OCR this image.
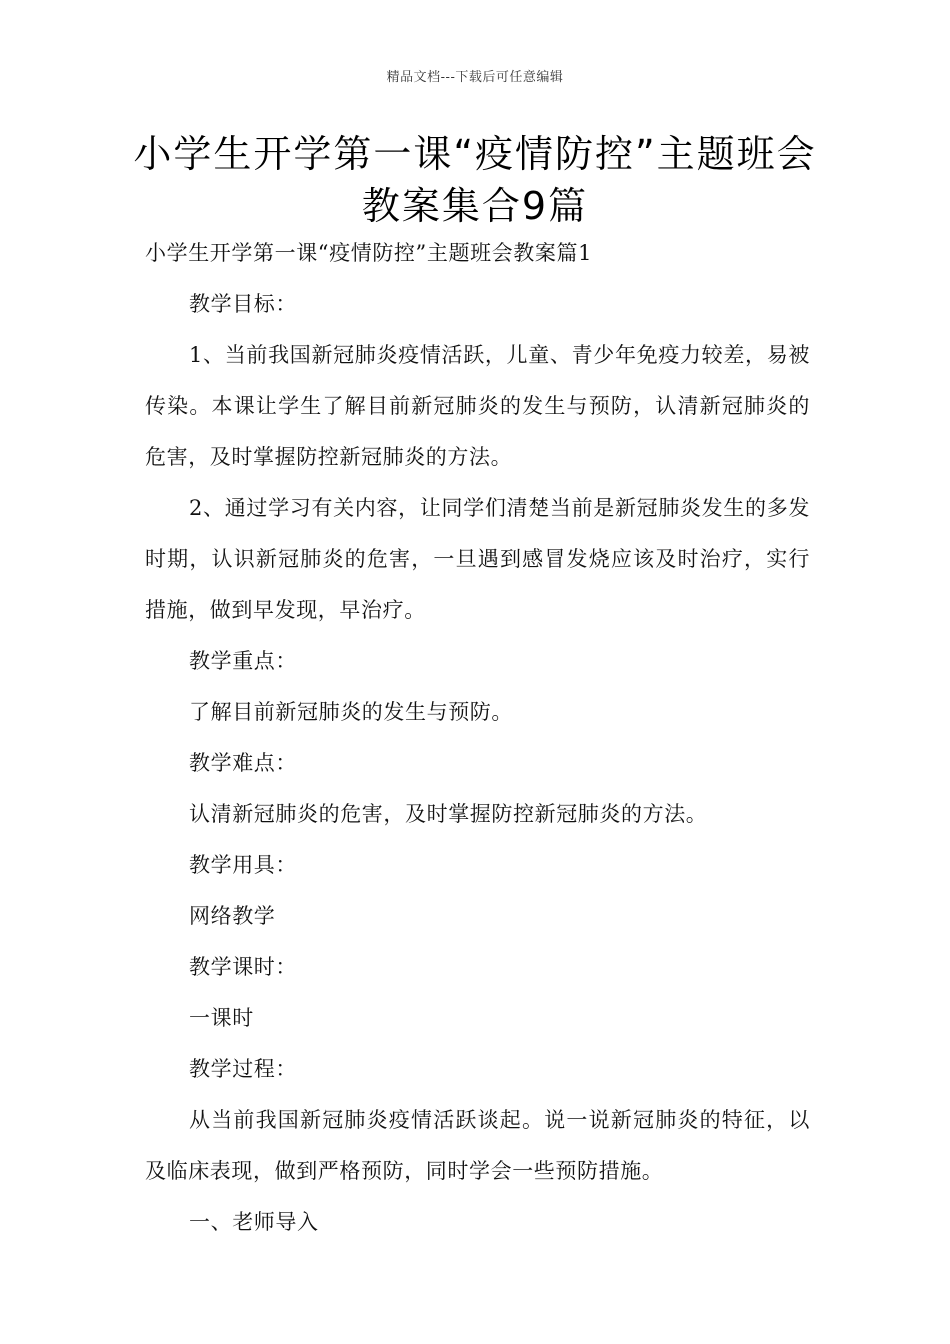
精品文档---下载后可任意编辑
小学生开学第一课“疫情防控”主题班会教案集合9篇

小学生开学第一课“疫情防控”主题班会教案篇1

教学目标：

1、当前我国新冠肺炎疫情活跃，儿童、青少年免疫力较差，易被传染。本课让学生了解目前新冠肺炎的发生与预防，认清新冠肺炎的危害，及时掌握防控新冠肺炎的方法。

2、通过学习有关内容，让同学们清楚当前是新冠肺炎发生的多发时期，认识新冠肺炎的危害，一旦遇到感冒发烧应该及时治疗，实行措施，做到早发现，早治疗。

教学重点：

了解目前新冠肺炎的发生与预防。

教学难点：

认清新冠肺炎的危害，及时掌握防控新冠肺炎的方法。

教学用具：

网络教学

教学课时：

一课时

教学过程：

从当前我国新冠肺炎疫情活跃谈起。说一说新冠肺炎的特征，以及临床表现，做到严格预防，同时学会一些预防措施。

一、老师导入
